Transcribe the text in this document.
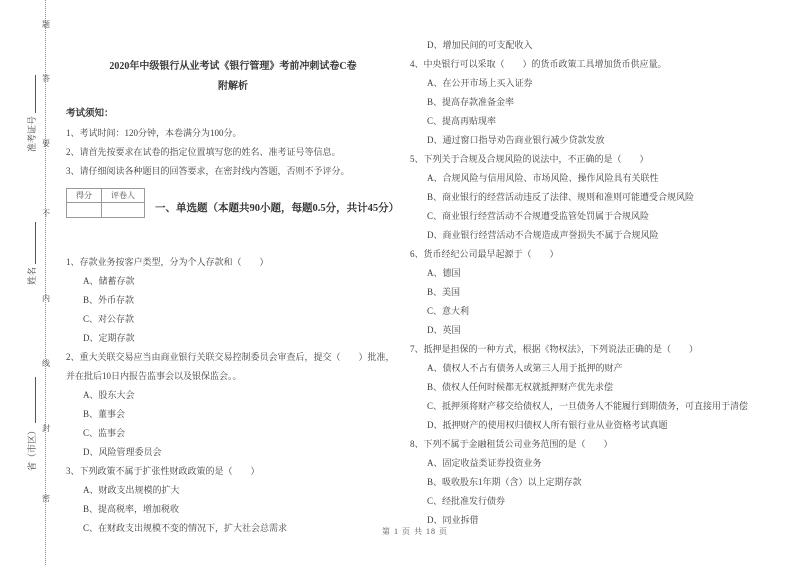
题
答
要
不
内
线
封
密
准考证号
姓名
省（市区）

2020年中级银行从业考试《银行管理》考前冲刺试卷C卷

附解析

考试须知：

1、考试时间：120分钟，本卷满分为100分。

2、请首先按要求在试卷的指定位置填写您的姓名、准考证号等信息。

3、请仔细阅读各种题目的回答要求，在密封线内答题，否则不予评分。

得分	评卷人

一、单选题（本题共90小题，每题0.5分，共计45分）

1、存款业务按客户类型，分为个人存款和（　　）

A、储蓄存款

B、外币存款

C、对公存款

D、定期存款

2、重大关联交易应当由商业银行关联交易控制委员会审查后，提交（　　）批准，并在批后10日内报告监事会以及银保监会。。

A、股东大会

B、董事会

C、监事会

D、风险管理委员会

3、下列政策不属于扩张性财政政策的是（　　）

A、财政支出规模的扩大

B、提高税率，增加税收

C、在财政支出规模不变的情况下，扩大社会总需求

D、增加民间的可支配收入

4、中央银行可以采取（　　）的货币政策工具增加货币供应量。

A、在公开市场上买入证券

B、提高存款准备金率

C、提高再贴现率

D、通过窗口指导劝告商业银行减少贷款发放

5、下列关于合规及合规风险的说法中，不正确的是（　　）

A、合规风险与信用风险、市场风险、操作风险具有关联性

B、商业银行的经营活动违反了法律、规则和准则可能遭受合规风险

C、商业银行经营活动不合规遭受监管处罚属于合规风险

D、商业银行经营活动不合规造成声誉损失不属于合规风险

6、货币经纪公司最早起源于（　　）

A、德国

B、美国

C、意大利

D、英国

7、抵押是担保的一种方式，根据《物权法》，下列说法正确的是（　　）

A、债权人不占有债务人或第三人用于抵押的财产

B、债权人任何时候都无权就抵押财产优先求偿

C、抵押须将财产移交给债权人，一旦债务人不能履行到期债务，可直接用于清偿

D、抵押财产的使用权归债权人所有银行业从业资格考试真题

8、下列不属于金融租赁公司业务范围的是（　　）

A、固定收益类证券投资业务

B、吸收股东1年期（含）以上定期存款

C、经批准发行债券

D、同业拆借

第 1 页 共 18 页
